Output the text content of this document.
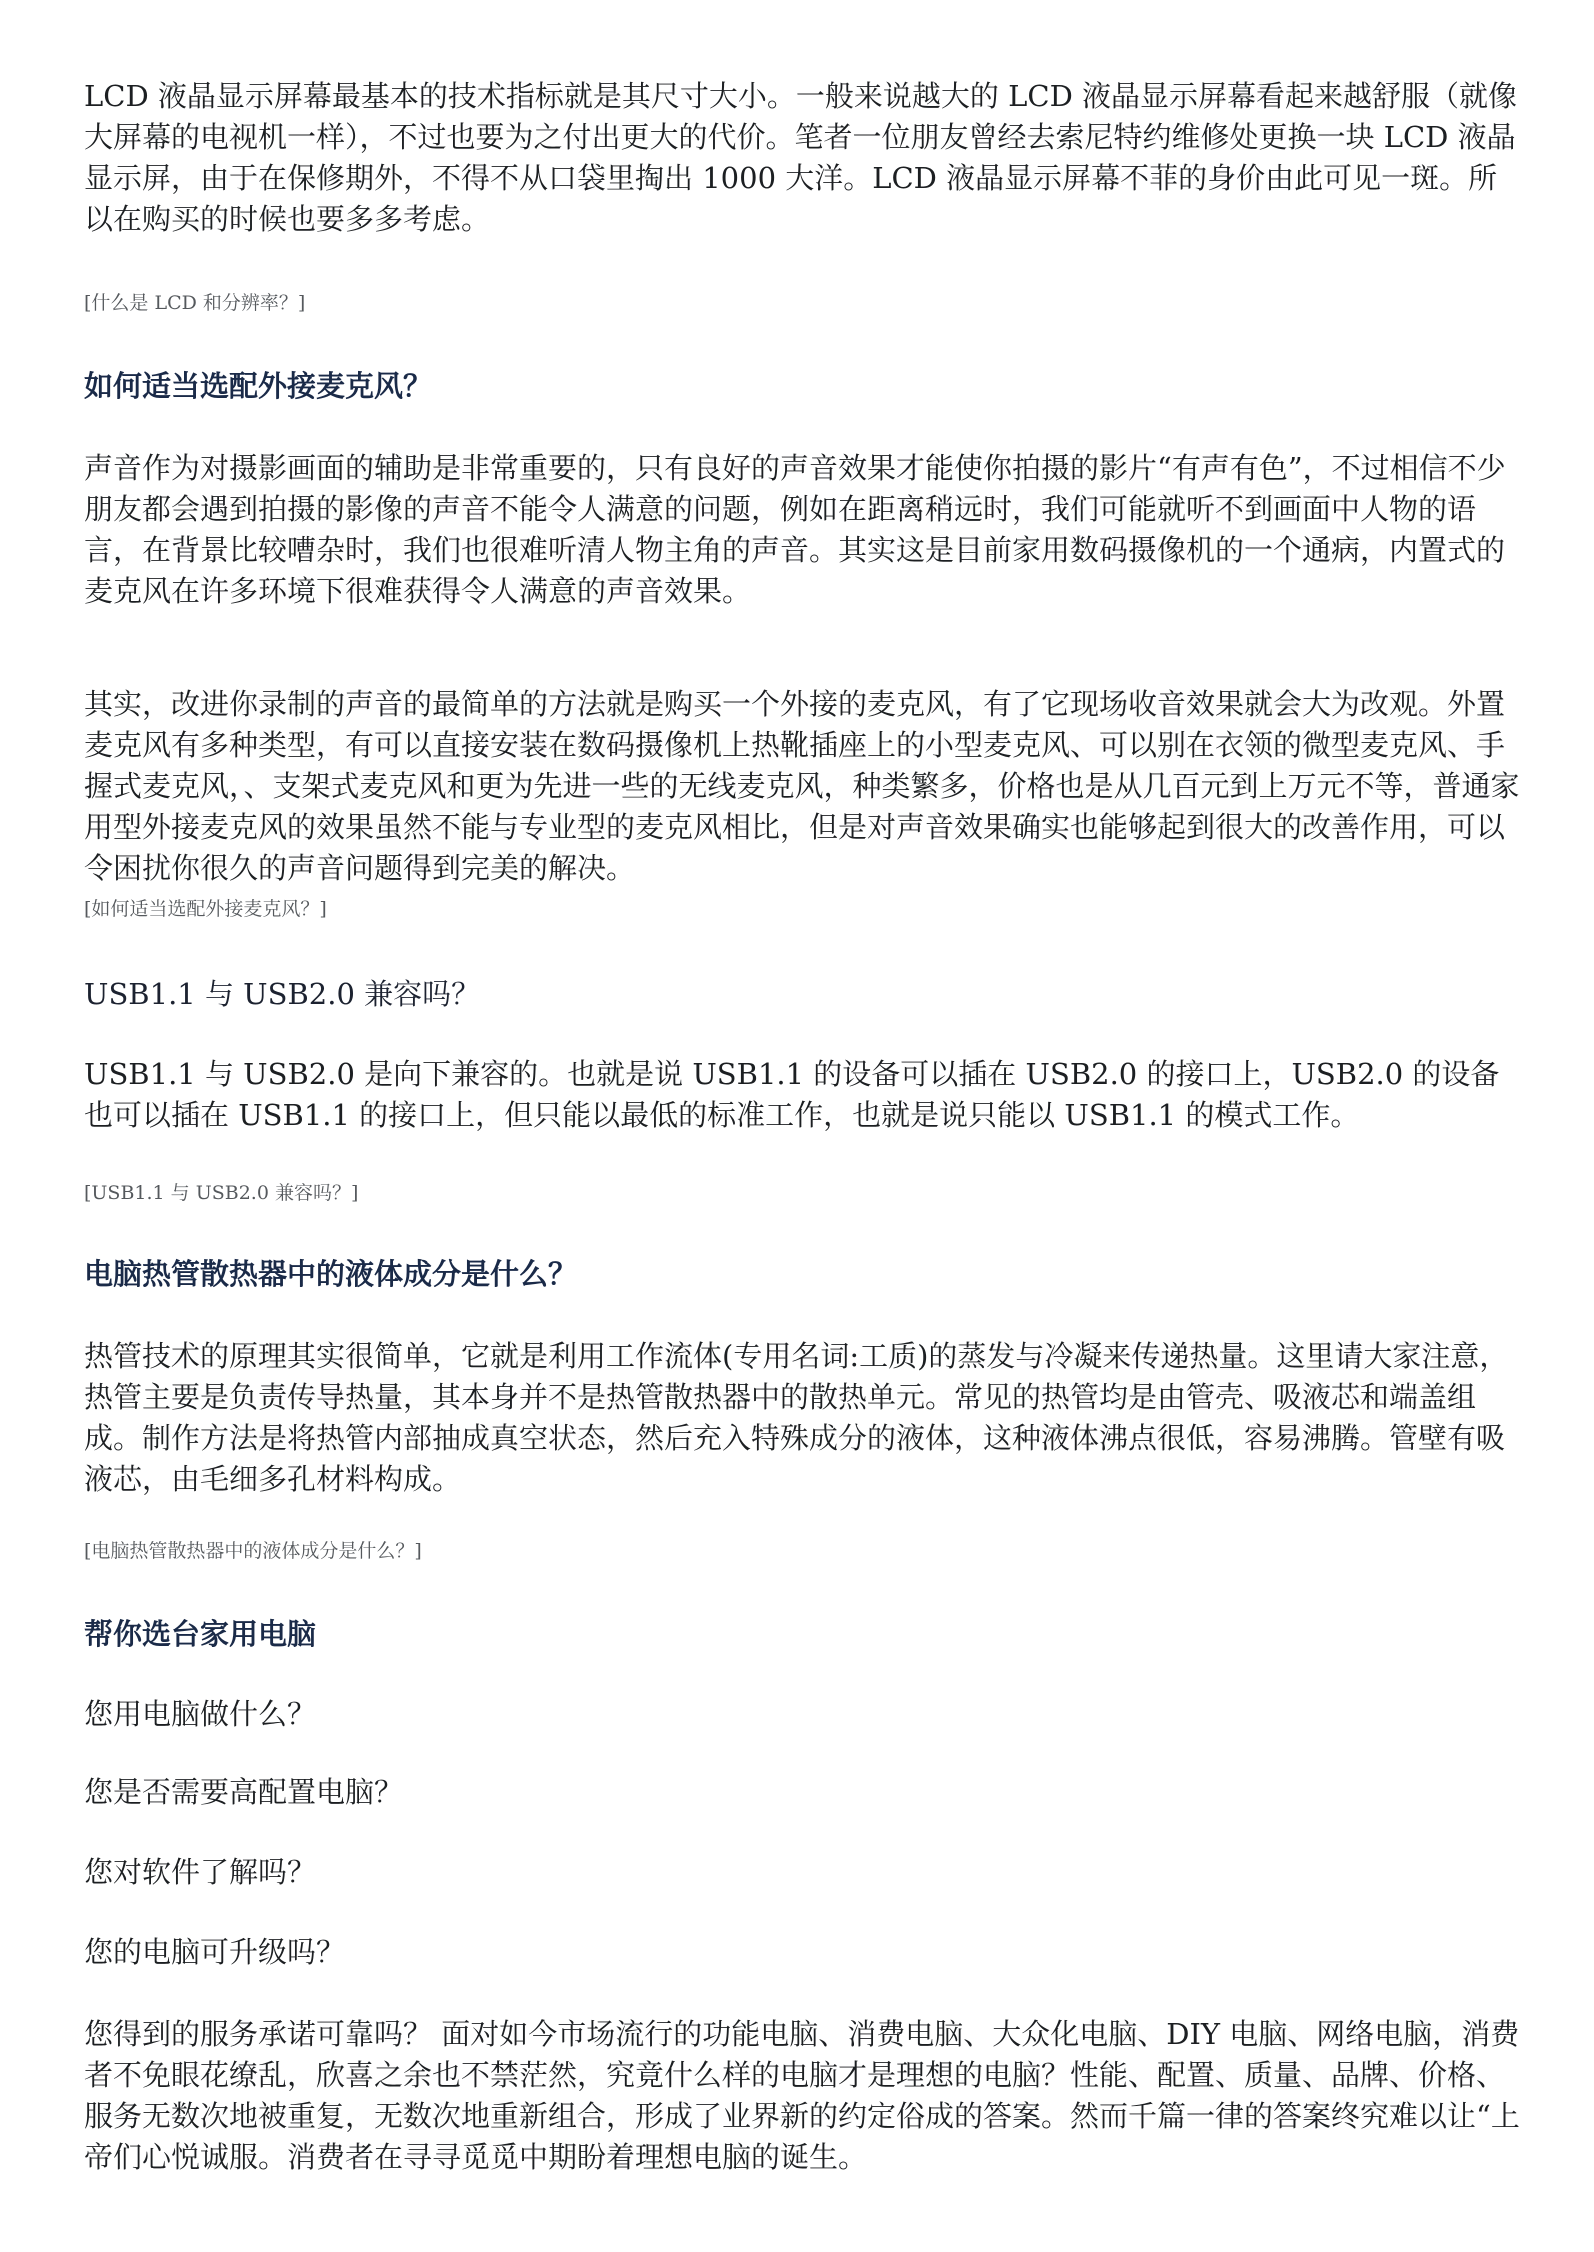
LCD 液晶显示屏幕最基本的技术指标就是其尺寸大小。一般来说越大的 LCD 液晶显示屏幕看起来越舒服（就像大屏幕的电视机一样），不过也要为之付出更大的代价。笔者一位朋友曾经去索尼特约维修处更换一块 LCD 液晶显示屏，由于在保修期外，不得不从口袋里掏出 1000 大洋。LCD 液晶显示屏幕不菲的身价由此可见一斑。所以在购买的时候也要多多考虑。

[什么是 LCD 和分辨率？]

如何适当选配外接麦克风？

声音作为对摄影画面的辅助是非常重要的，只有良好的声音效果才能使你拍摄的影片“有声有色”，不过相信不少朋友都会遇到拍摄的影像的声音不能令人满意的问题，例如在距离稍远时，我们可能就听不到画面中人物的语言，在背景比较嘈杂时，我们也很难听清人物主角的声音。其实这是目前家用数码摄像机的一个通病，内置式的麦克风在许多环境下很难获得令人满意的声音效果。

其实，改进你录制的声音的最简单的方法就是购买一个外接的麦克风，有了它现场收音效果就会大为改观。外置麦克风有多种类型，有可以直接安装在数码摄像机上热靴插座上的小型麦克风、可以别在衣领的微型麦克风、手握式麦克风，、支架式麦克风和更为先进一些的无线麦克风，种类繁多，价格也是从几百元到上万元不等，普通家用型外接麦克风的效果虽然不能与专业型的麦克风相比，但是对声音效果确实也能够起到很大的改善作用，可以令困扰你很久的声音问题得到完美的解决。

[如何适当选配外接麦克风？]

USB1.1 与 USB2.0 兼容吗？

USB1.1 与 USB2.0 是向下兼容的。也就是说 USB1.1 的设备可以插在 USB2.0 的接口上，USB2.0 的设备也可以插在 USB1.1 的接口上，但只能以最低的标准工作，也就是说只能以 USB1.1 的模式工作。

[USB1.1 与 USB2.0 兼容吗？]

电脑热管散热器中的液体成分是什么？

热管技术的原理其实很简单，它就是利用工作流体(专用名词:工质)的蒸发与冷凝来传递热量。这里请大家注意，热管主要是负责传导热量，其本身并不是热管散热器中的散热单元。常见的热管均是由管壳、吸液芯和端盖组成。制作方法是将热管内部抽成真空状态，然后充入特殊成分的液体，这种液体沸点很低，容易沸腾。管壁有吸液芯，由毛细多孔材料构成。

[电脑热管散热器中的液体成分是什么？]

帮你选台家用电脑

您用电脑做什么？

您是否需要高配置电脑？

您对软件了解吗？

您的电脑可升级吗？

您得到的服务承诺可靠吗？ 面对如今市场流行的功能电脑、消费电脑、大众化电脑、DIY 电脑、网络电脑，消费者不免眼花缭乱，欣喜之余也不禁茫然，究竟什么样的电脑才是理想的电脑？性能、配置、质量、品牌、价格、服务无数次地被重复，无数次地重新组合，形成了业界新的约定俗成的答案。然而千篇一律的答案终究难以让“上帝们心悦诚服。消费者在寻寻觅觅中期盼着理想电脑的诞生。
